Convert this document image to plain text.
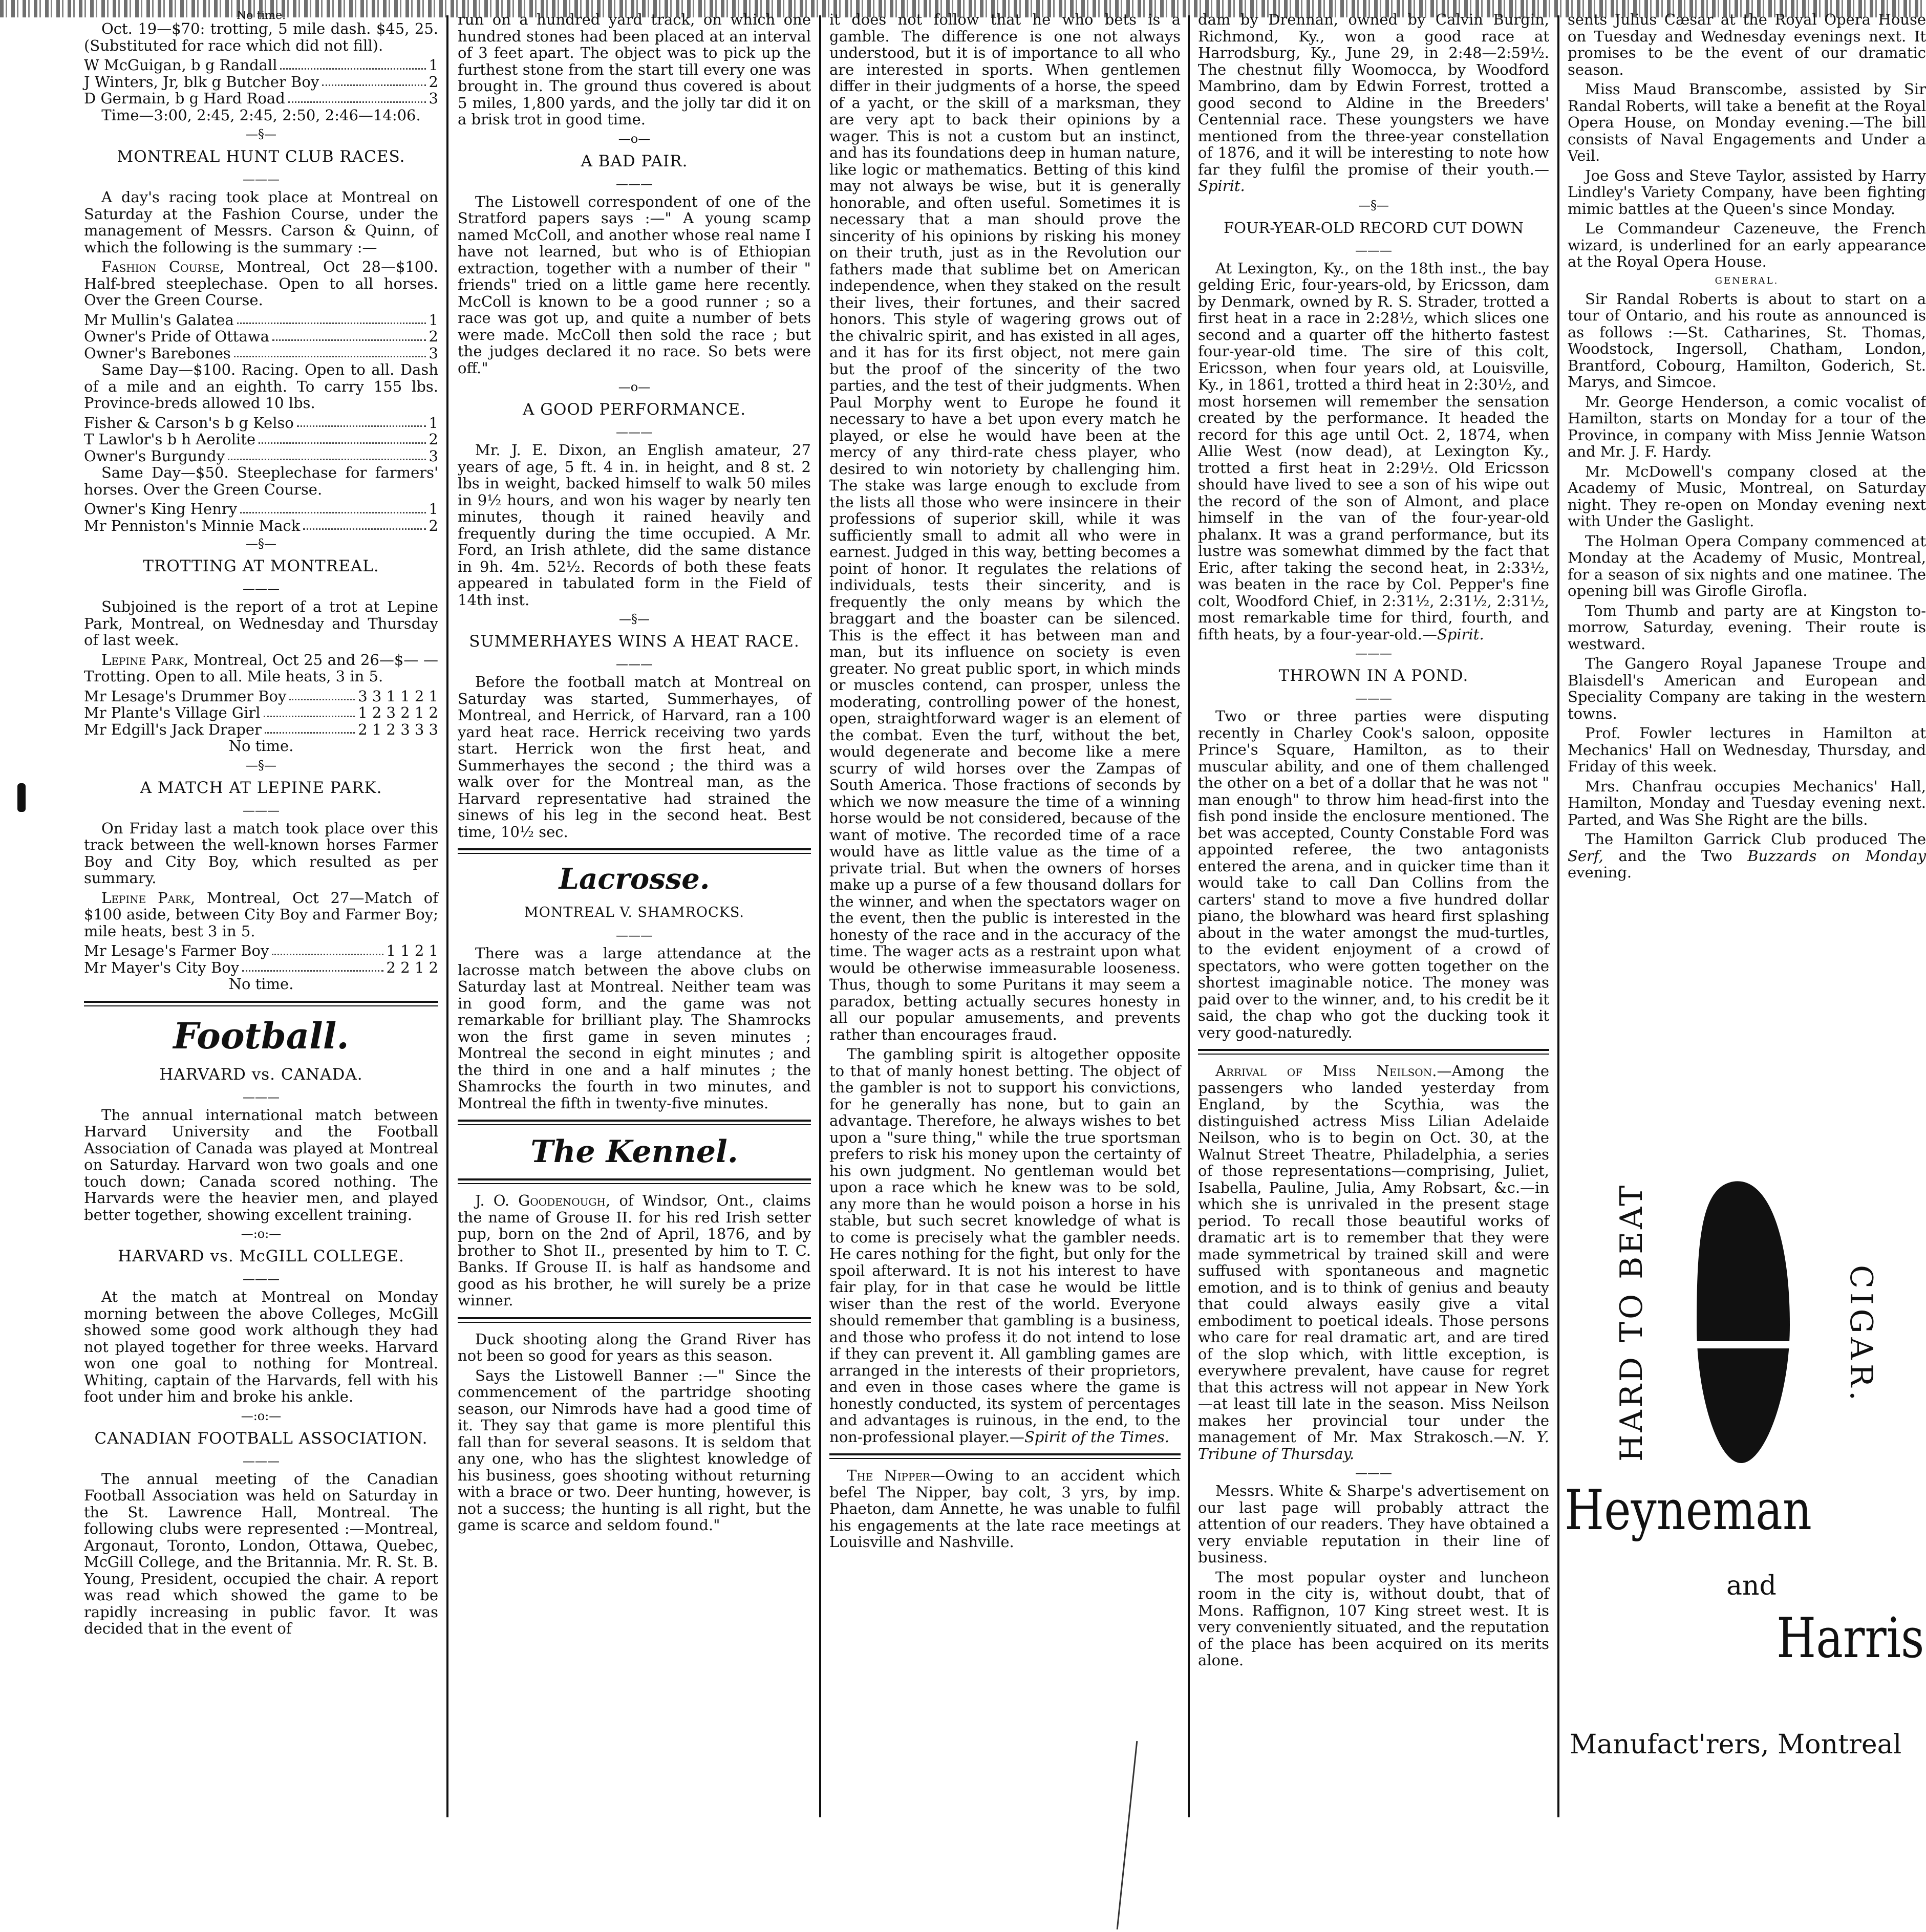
No time.

Oct. 19—$70: trotting, 5 mile dash. $45, 25. (Substituted for race which did not fill).

W McGuigan, b g Randall	1
J Winters, Jr, blk g Butcher Boy	2
D Germain, b g Hard Road	3

Time—3:00, 2:45, 2:45, 2:50, 2:46—14:06.

—§—
MONTREAL HUNT CLUB RACES.
———

A day's racing took place at Montreal on Saturday at the Fashion Course, under the management of Messrs. Carson & Quinn, of which the following is the summary :—

Fashion Course, Montreal, Oct 28—$100. Half-bred steeplechase. Open to all horses. Over the Green Course.

Mr Mullin's Galatea	1
Owner's Pride of Ottawa	2
Owner's Barebones	3

Same Day—$100. Racing. Open to all. Dash of a mile and an eighth. To carry 155 lbs. Province-breds allowed 10 lbs.

Fisher & Carson's b g Kelso	1
T Lawlor's b h Aerolite	2
Owner's Burgundy	3

Same Day—$50. Steeplechase for farmers' horses. Over the Green Course.

Owner's King Henry	1
Mr Penniston's Minnie Mack	2
—§—
TROTTING AT MONTREAL.
———

Subjoined is the report of a trot at Lepine Park, Montreal, on Wednesday and Thursday of last week.

Lepine Park, Montreal, Oct 25 and 26—$— — Trotting. Open to all. Mile heats, 3 in 5.

Mr Lesage's Drummer Boy	3 3 1 1 2 1
Mr Plante's Village Girl	1 2 3 2 1 2
Mr Edgill's Jack Draper	2 1 2 3 3 3

No time.

—§—
A MATCH AT LEPINE PARK.
———

On Friday last a match took place over this track between the well-known horses Farmer Boy and City Boy, which resulted as per summary.

Lepine Park, Montreal, Oct 27—Match of $100 aside, between City Boy and Farmer Boy; mile heats, best 3 in 5.

Mr Lesage's Farmer Boy	1 1 2 1
Mr Mayer's City Boy	2 2 1 2

No time.

Football.
HARVARD vs. CANADA.
———

The annual international match between Harvard University and the Football Association of Canada was played at Montreal on Saturday. Harvard won two goals and one touch down; Canada scored nothing. The Harvards were the heavier men, and played better together, showing excellent training.

—:o:—
HARVARD vs. McGILL COLLEGE.
———

At the match at Montreal on Monday morning between the above Colleges, McGill showed some good work although they had not played together for three weeks. Harvard won one goal to nothing for Montreal. Whiting, captain of the Harvards, fell with his foot under him and broke his ankle.

—:o:—
CANADIAN FOOTBALL ASSOCIATION.
———

The annual meeting of the Canadian Football Association was held on Saturday in the St. Lawrence Hall, Montreal. The following clubs were represented :—Montreal, Argonaut, Toronto, London, Ottawa, Quebec, McGill College, and the Britannia. Mr. R. St. B. Young, President, occupied the chair. A report was read which showed the game to be rapidly increasing in public favor. It was decided that in the event of

run on a hundred yard track, on which one hundred stones had been placed at an interval of 3 feet apart. The object was to pick up the furthest stone from the start till every one was brought in. The ground thus covered is about 5 miles, 1,800 yards, and the jolly tar did it on a brisk trot in good time.

—o—
A BAD PAIR.
———

The Listowell correspondent of one of the Stratford papers says :—" A young scamp named McColl, and another whose real name I have not learned, but who is of Ethiopian extraction, together with a number of their " friends" tried on a little game here recently. McColl is known to be a good runner ; so a race was got up, and quite a number of bets were made. McColl then sold the race ; but the judges declared it no race. So bets were off."

—o—
A GOOD PERFORMANCE.
———

Mr. J. E. Dixon, an English amateur, 27 years of age, 5 ft. 4 in. in height, and 8 st. 2 lbs in weight, backed himself to walk 50 miles in 9½ hours, and won his wager by nearly ten minutes, though it rained heavily and frequently during the time occupied. A Mr. Ford, an Irish athlete, did the same distance in 9h. 4m. 52½. Records of both these feats appeared in tabulated form in the Field of 14th inst.

—§—
SUMMERHAYES WINS A HEAT RACE.
———

Before the football match at Montreal on Saturday was started, Summerhayes, of Montreal, and Herrick, of Harvard, ran a 100 yard heat race. Herrick receiving two yards start. Herrick won the first heat, and Summerhayes the second ; the third was a walk over for the Montreal man, as the Harvard representative had strained the sinews of his leg in the second heat. Best time, 10½ sec.

Lacrosse.
MONTREAL V. SHAMROCKS.
———

There was a large attendance at the lacrosse match between the above clubs on Saturday last at Montreal. Neither team was in good form, and the game was not remarkable for brilliant play. The Shamrocks won the first game in seven minutes ; Montreal the second in eight minutes ; and the third in one and a half minutes ; the Shamrocks the fourth in two minutes, and Montreal the fifth in twenty-five minutes.

The Kennel.

J. O. Goodenough, of Windsor, Ont., claims the name of Grouse II. for his red Irish setter pup, born on the 2nd of April, 1876, and by brother to Shot II., presented by him to T. C. Banks. If Grouse II. is half as handsome and good as his brother, he will surely be a prize winner.

Duck shooting along the Grand River has not been so good for years as this season.

Says the Listowell Banner :—" Since the commencement of the partridge shooting season, our Nimrods have had a good time of it. They say that game is more plentiful this fall than for several seasons. It is seldom that any one, who has the slightest knowledge of his business, goes shooting without returning with a brace or two. Deer hunting, however, is not a success; the hunting is all right, but the game is scarce and seldom found."

it does not follow that he who bets is a gamble. The difference is one not always understood, but it is of importance to all who are interested in sports. When gentlemen differ in their judgments of a horse, the speed of a yacht, or the skill of a marksman, they are very apt to back their opinions by a wager. This is not a custom but an instinct, and has its foundations deep in human nature, like logic or mathematics. Betting of this kind may not always be wise, but it is generally honorable, and often useful. Sometimes it is necessary that a man should prove the sincerity of his opinions by risking his money on their truth, just as in the Revolution our fathers made that sublime bet on American independence, when they staked on the result their lives, their fortunes, and their sacred honors. This style of wagering grows out of the chivalric spirit, and has existed in all ages, and it has for its first object, not mere gain but the proof of the sincerity of the two parties, and the test of their judgments. When Paul Morphy went to Europe he found it necessary to have a bet upon every match he played, or else he would have been at the mercy of any third-rate chess player, who desired to win notoriety by challenging him. The stake was large enough to exclude from the lists all those who were insincere in their professions of superior skill, while it was sufficiently small to admit all who were in earnest. Judged in this way, betting becomes a point of honor. It regulates the relations of individuals, tests their sincerity, and is frequently the only means by which the braggart and the boaster can be silenced. This is the effect it has between man and man, but its influence on society is even greater. No great public sport, in which minds or muscles contend, can prosper, unless the moderating, controlling power of the honest, open, straightforward wager is an element of the combat. Even the turf, without the bet, would degenerate and become like a mere scurry of wild horses over the Zampas of South America. Those fractions of seconds by which we now measure the time of a winning horse would be not considered, because of the want of motive. The recorded time of a race would have as little value as the time of a private trial. But when the owners of horses make up a purse of a few thousand dollars for the winner, and when the spectators wager on the event, then the public is interested in the honesty of the race and in the accuracy of the time. The wager acts as a restraint upon what would be otherwise immeasurable looseness. Thus, though to some Puritans it may seem a paradox, betting actually secures honesty in all our popular amusements, and prevents rather than encourages fraud.

The gambling spirit is altogether opposite to that of manly honest betting. The object of the gambler is not to support his convictions, for he generally has none, but to gain an advantage. Therefore, he always wishes to bet upon a "sure thing," while the true sportsman prefers to risk his money upon the certainty of his own judgment. No gentleman would bet upon a race which he knew was to be sold, any more than he would poison a horse in his stable, but such secret knowledge of what is to come is precisely what the gambler needs. He cares nothing for the fight, but only for the spoil afterward. It is not his interest to have fair play, for in that case he would be little wiser than the rest of the world. Everyone should remember that gambling is a business, and those who profess it do not intend to lose if they can prevent it. All gambling games are arranged in the interests of their proprietors, and even in those cases where the game is honestly conducted, its system of percentages and advantages is ruinous, in the end, to the non-professional player.—Spirit of the Times.

The Nipper—Owing to an accident which befel The Nipper, bay colt, 3 yrs, by imp. Phaeton, dam Annette, he was unable to fulfil his engagements at the late race meetings at Louisville and Nashville.

dam by Drennan, owned by Calvin Burgin, Richmond, Ky., won a good race at Harrodsburg, Ky., June 29, in 2:48—2:59½. The chestnut filly Woomocca, by Woodford Mambrino, dam by Edwin Forrest, trotted a good second to Aldine in the Breeders' Centennial race. These youngsters we have mentioned from the three-year constellation of 1876, and it will be interesting to note how far they fulfil the promise of their youth.—Spirit.

—§—
FOUR-YEAR-OLD RECORD CUT DOWN
———

At Lexington, Ky., on the 18th inst., the bay gelding Eric, four-years-old, by Ericsson, dam by Denmark, owned by R. S. Strader, trotted a first heat in a race in 2:28½, which slices one second and a quarter off the hitherto fastest four-year-old time. The sire of this colt, Ericsson, when four years old, at Louisville, Ky., in 1861, trotted a third heat in 2:30½, and most horsemen will remember the sensation created by the performance. It headed the record for this age until Oct. 2, 1874, when Allie West (now dead), at Lexington Ky., trotted a first heat in 2:29½. Old Ericsson should have lived to see a son of his wipe out the record of the son of Almont, and place himself in the van of the four-year-old phalanx. It was a grand performance, but its lustre was somewhat dimmed by the fact that Eric, after taking the second heat, in 2:33½, was beaten in the race by Col. Pepper's fine colt, Woodford Chief, in 2:31½, 2:31½, 2:31½, most remarkable time for third, fourth, and fifth heats, by a four-year-old.—Spirit.

———
THROWN IN A POND.
———

Two or three parties were disputing recently in Charley Cook's saloon, opposite Prince's Square, Hamilton, as to their muscular ability, and one of them challenged the other on a bet of a dollar that he was not " man enough" to throw him head-first into the fish pond inside the enclosure mentioned. The bet was accepted, County Constable Ford was appointed referee, the two antagonists entered the arena, and in quicker time than it would take to call Dan Collins from the carters' stand to move a five hundred dollar piano, the blowhard was heard first splashing about in the water amongst the mud-turtles, to the evident enjoyment of a crowd of spectators, who were gotten together on the shortest imaginable notice. The money was paid over to the winner, and, to his credit be it said, the chap who got the ducking took it very good-naturedly.

Arrival of Miss Neilson.—Among the passengers who landed yesterday from England, by the Scythia, was the distinguished actress Miss Lilian Adelaide Neilson, who is to begin on Oct. 30, at the Walnut Street Theatre, Philadelphia, a series of those representations—comprising, Juliet, Isabella, Pauline, Julia, Amy Robsart, &c.—in which she is unrivaled in the present stage period. To recall those beautiful works of dramatic art is to remember that they were made symmetrical by trained skill and were suffused with spontaneous and magnetic emotion, and is to think of genius and beauty that could always easily give a vital embodiment to poetical ideals. Those persons who care for real dramatic art, and are tired of the slop which, with little exception, is everywhere prevalent, have cause for regret that this actress will not appear in New York—at least till late in the season. Miss Neilson makes her provincial tour under the management of Mr. Max Strakosch.—N. Y. Tribune of Thursday.

———

Messrs. White & Sharpe's advertisement on our last page will probably attract the attention of our readers. They have obtained a very enviable reputation in their line of business.

The most popular oyster and luncheon room in the city is, without doubt, that of Mons. Raffignon, 107 King street west. It is very conveniently situated, and the reputation of the place has been acquired on its merits alone.

sents Julius Cæsar at the Royal Opera House on Tuesday and Wednesday evenings next. It promises to be the event of our dramatic season.

Miss Maud Branscombe, assisted by Sir Randal Roberts, will take a benefit at the Royal Opera House, on Monday evening.—The bill consists of Naval Engagements and Under a Veil.

Joe Goss and Steve Taylor, assisted by Harry Lindley's Variety Company, have been fighting mimic battles at the Queen's since Monday.

Le Commandeur Cazeneuve, the French wizard, is underlined for an early appearance at the Royal Opera House.

GENERAL.

Sir Randal Roberts is about to start on a tour of Ontario, and his route as announced is as follows :—St. Catharines, St. Thomas, Woodstock, Ingersoll, Chatham, London, Brantford, Cobourg, Hamilton, Goderich, St. Marys, and Simcoe.

Mr. George Henderson, a comic vocalist of Hamilton, starts on Monday for a tour of the Province, in company with Miss Jennie Watson and Mr. J. F. Hardy.

Mr. McDowell's company closed at the Academy of Music, Montreal, on Saturday night. They re-open on Monday evening next with Under the Gaslight.

The Holman Opera Company commenced at Monday at the Academy of Music, Montreal, for a season of six nights and one matinee. The opening bill was Girofle Girofla.

Tom Thumb and party are at Kingston to-morrow, Saturday, evening. Their route is westward.

The Gangero Royal Japanese Troupe and Blaisdell's American and European and Speciality Company are taking in the western towns.

Prof. Fowler lectures in Hamilton at Mechanics' Hall on Wednesday, Thursday, and Friday of this week.

Mrs. Chanfrau occupies Mechanics' Hall, Hamilton, Monday and Tuesday evening next. Parted, and Was She Right are the bills.

The Hamilton Garrick Club produced The Serf, and the Two Buzzards on Monday evening.

HARD TO BEAT	CIGAR.
Heyneman
and
Harris
Manufact'rers, Montreal
